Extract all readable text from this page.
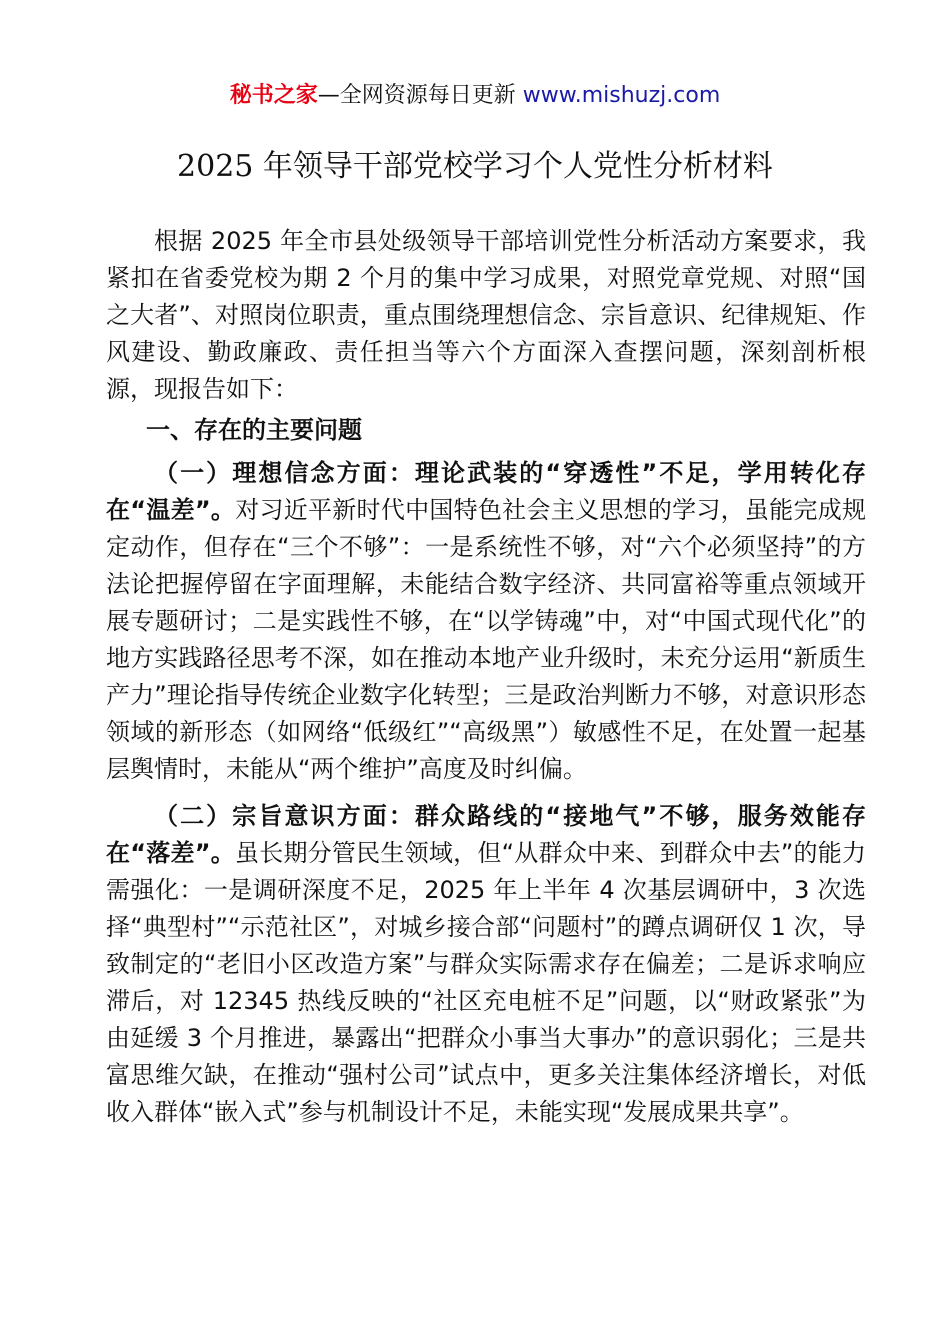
秘书之家—全网资源每日更新 www.mishuzj.com
2025 年领导干部党校学习个人党性分析材料

根据 2025 年全市县处级领导干部培训党性分析活动方案要求，我紧扣在省委党校为期 2 个月的集中学习成果，对照党章党规、对照“国之大者”、对照岗位职责，重点围绕理想信念、宗旨意识、纪律规矩、作风建设、勤政廉政、责任担当等六个方面深入查摆问题，深刻剖析根源，现报告如下：

一、存在的主要问题

（一）理想信念方面：理论武装的“穿透性”不足，学用转化存在“温差”。对习近平新时代中国特色社会主义思想的学习，虽能完成规定动作，但存在“三个不够”：一是系统性不够，对“六个必须坚持”的方法论把握停留在字面理解，未能结合数字经济、共同富裕等重点领域开展专题研讨；二是实践性不够，在“以学铸魂”中，对“中国式现代化”的地方实践路径思考不深，如在推动本地产业升级时，未充分运用“新质生产力”理论指导传统企业数字化转型；三是政治判断力不够，对意识形态领域的新形态（如网络“低级红”“高级黑”）敏感性不足，在处置一起基层舆情时，未能从“两个维护”高度及时纠偏。

（二）宗旨意识方面：群众路线的“接地气”不够，服务效能存在“落差”。虽长期分管民生领域，但“从群众中来、到群众中去”的能力需强化：一是调研深度不足，2025 年上半年 4 次基层调研中，3 次选择“典型村”“示范社区”，对城乡接合部“问题村”的蹲点调研仅 1 次，导致制定的“老旧小区改造方案”与群众实际需求存在偏差；二是诉求响应滞后，对 12345 热线反映的“社区充电桩不足”问题，以“财政紧张”为由延缓 3 个月推进，暴露出“把群众小事当大事办”的意识弱化；三是共富思维欠缺，在推动“强村公司”试点中，更多关注集体经济增长，对低收入群体“嵌入式”参与机制设计不足，未能实现“发展成果共享”。
